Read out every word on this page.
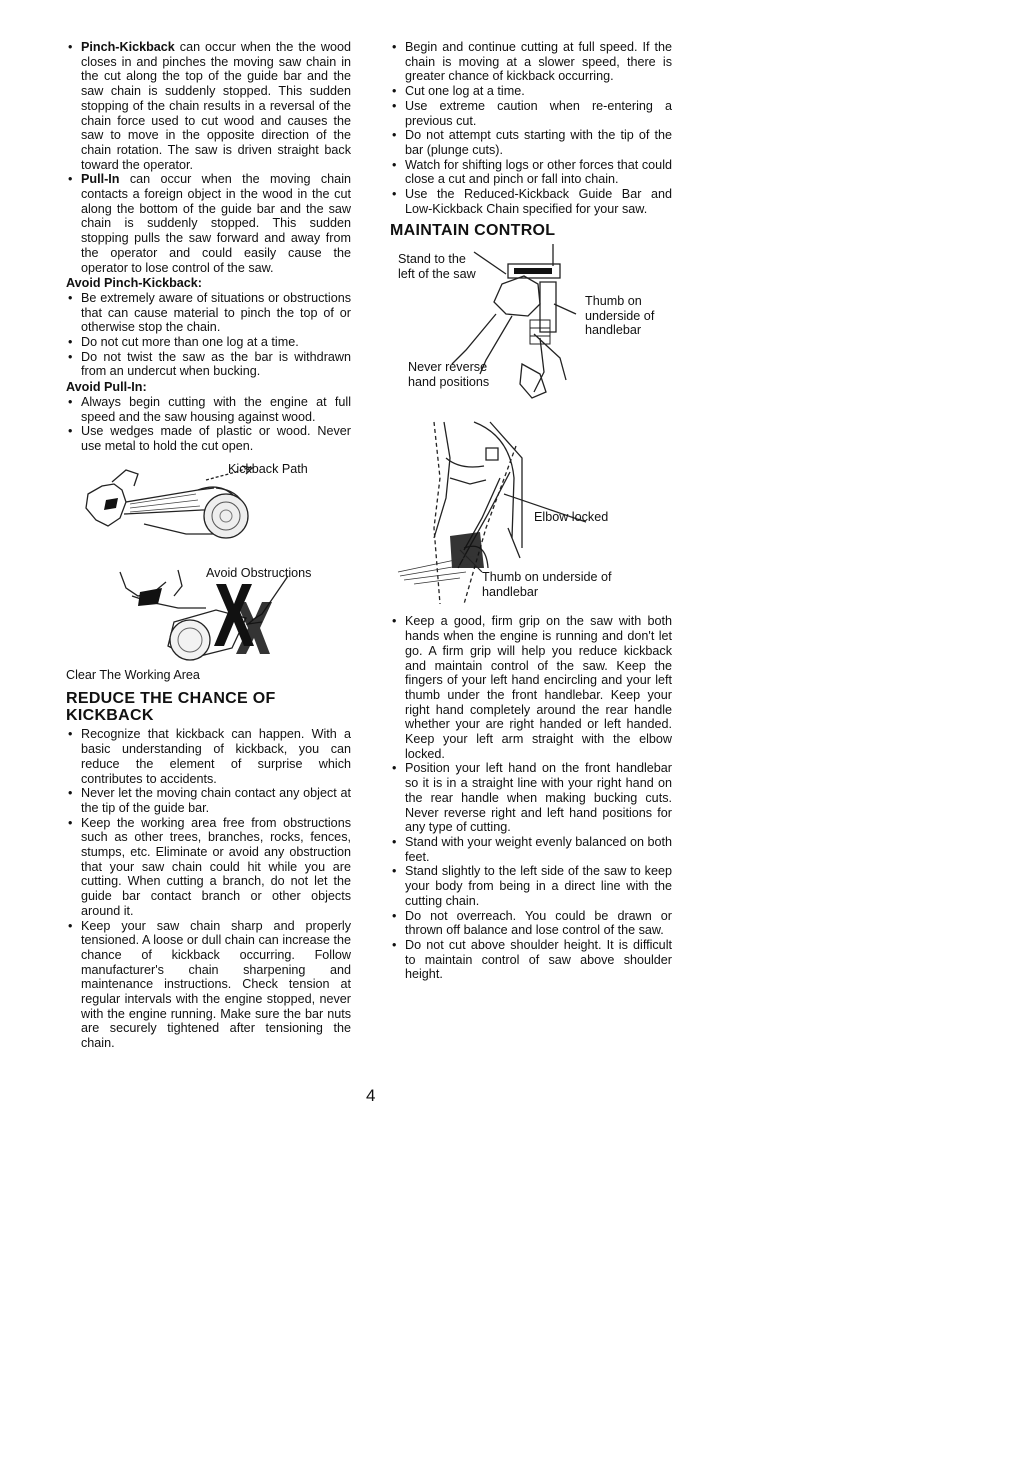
• Pinch-Kickback can occur when the the wood closes in and pinches the moving saw chain in the cut along the top of the guide bar and the saw chain is suddenly stopped. This sudden stopping of the chain results in a reversal of the chain force used to cut wood and causes the saw to move in the opposite direction of the chain rotation. The saw is driven straight back toward the operator.
• Pull-In can occur when the moving chain contacts a foreign object in the wood in the cut along the bottom of the guide bar and the saw chain is suddenly stopped. This sudden stopping pulls the saw forward and away from the operator and could easily cause the operator to lose control of the saw.
Avoid Pinch-Kickback:
• Be extremely aware of situations or obstructions that can cause material to pinch the top of or otherwise stop the chain.
• Do not cut more than one log at a time.
• Do not twist the saw as the bar is withdrawn from an undercut when bucking.
Avoid Pull-In:
• Always begin cutting with the engine at full speed and the saw housing against wood.
• Use wedges made of plastic or wood. Never use metal to hold the cut open.
Kickback Path
Avoid Obstructions
Clear The Working Area
REDUCE THE CHANCE OF
KICKBACK
• Recognize that kickback can happen. With a basic understanding of kickback, you can reduce the element of surprise which contributes to accidents.
• Never let the moving chain contact any object at the tip of the guide bar.
• Keep the working area free from obstructions such as other trees, branches, rocks, fences, stumps, etc. Eliminate or avoid any obstruction that your saw chain could hit while you are cutting. When cutting a branch, do not let the guide bar contact branch or other objects around it.
• Keep your saw chain sharp and properly tensioned. A loose or dull chain can increase the chance of kickback occurring. Follow manufacturer's chain sharpening and maintenance instructions. Check tension at regular intervals with the engine stopped, never with the engine running. Make sure the bar nuts are securely tightened after tensioning the chain.
• Begin and continue cutting at full speed. If the chain is moving at a slower speed, there is greater chance of kickback occurring.
• Cut one log at a time.
• Use extreme caution when re-entering a previous cut.
• Do not attempt cuts starting with the tip of the bar (plunge cuts).
• Watch for shifting logs or other forces that could close a cut and pinch or fall into chain.
• Use the Reduced-Kickback Guide Bar and Low-Kickback Chain specified for your saw.
MAINTAIN CONTROL
Stand to the
left of the saw
Thumb on
underside of
handlebar
Never reverse
hand positions
Elbow locked
Thumb on underside of
handlebar
• Keep a good, firm grip on the saw with both hands when the engine is running and don't let go. A firm grip will help you reduce kickback and maintain control of the saw. Keep the fingers of your left hand encircling and your left thumb under the front handlebar. Keep your right hand completely around the rear handle whether your are right handed or left handed. Keep your left arm straight with the elbow locked.
• Position your left hand on the front handlebar so it is in a straight line with your right hand on the rear handle when making bucking cuts. Never reverse right and left hand positions for any type of cutting.
• Stand with your weight evenly balanced on both feet.
• Stand slightly to the left side of the saw to keep your body from being in a direct line with the cutting chain.
• Do not overreach. You could be drawn or thrown off balance and lose control of the saw.
• Do not cut above shoulder height. It is difficult to maintain control of saw above shoulder height.
4
